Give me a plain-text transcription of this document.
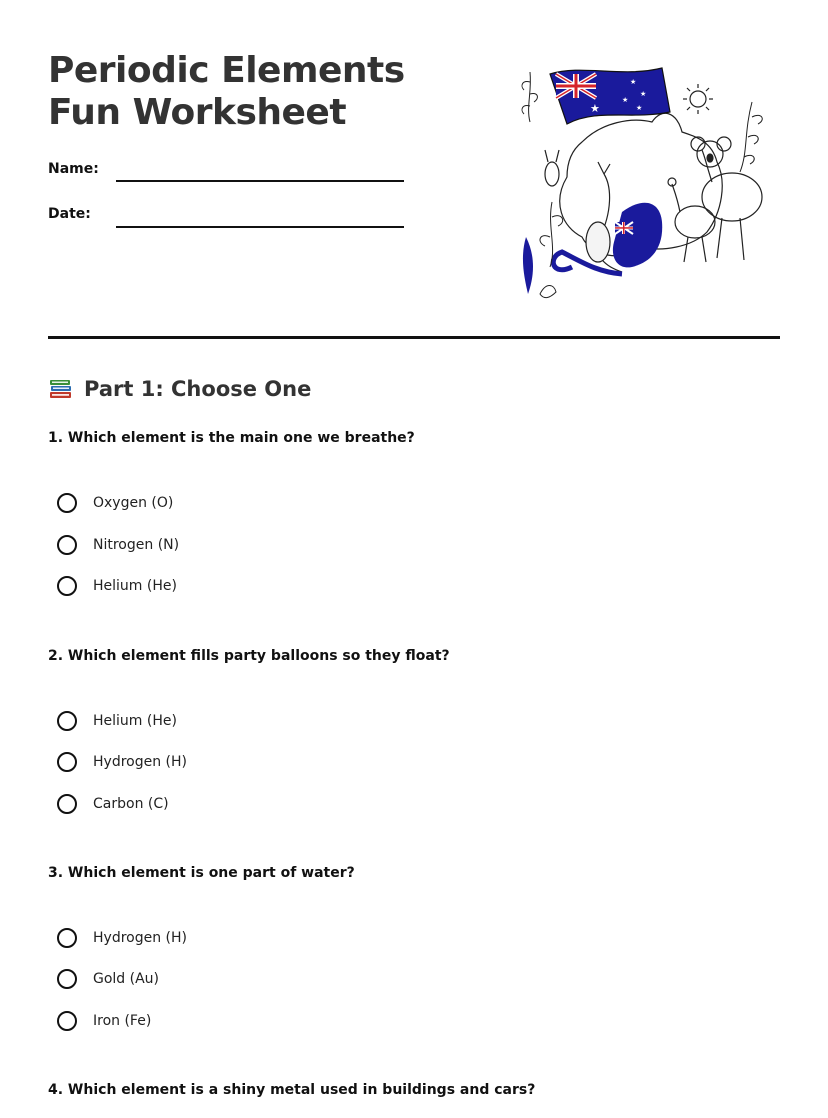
Periodic Elements Fun Worksheet
Name:
Date:
★
★
★
★
★
Part 1: Choose One
1. Which element is the main one we breathe?
Oxygen (O)
Nitrogen (N)
Helium (He)
2. Which element fills party balloons so they float?
Helium (He)
Hydrogen (H)
Carbon (C)
3. Which element is one part of water?
Hydrogen (H)
Gold (Au)
Iron (Fe)
4. Which element is a shiny metal used in buildings and cars?
